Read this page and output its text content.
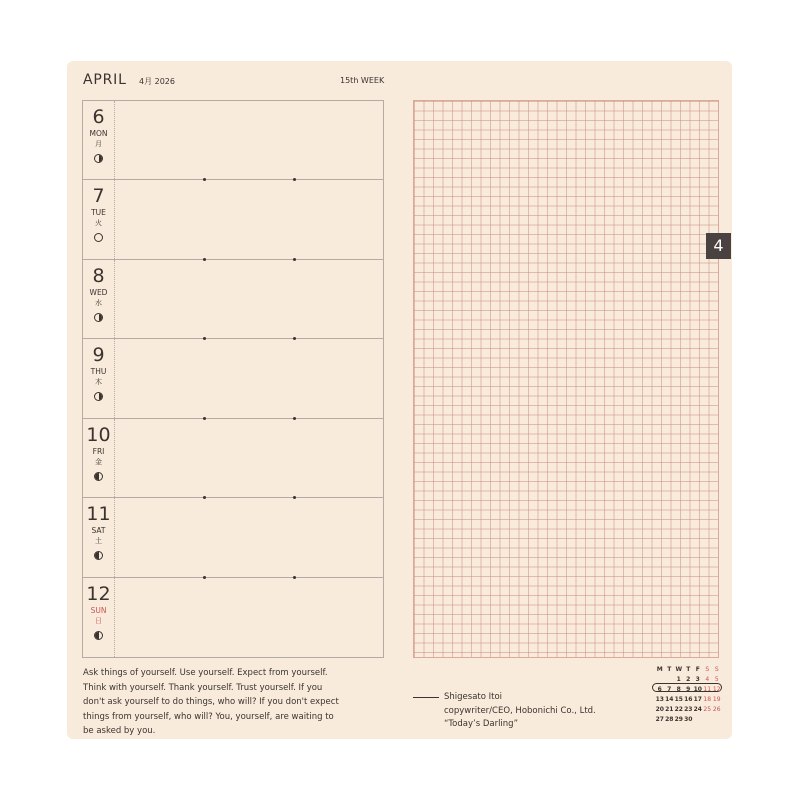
APRIL 4月 2026	15th WEEK
6
MON
月
7
TUE
火
8
WED
水
9
THU
木
10
FRI
金
11
SAT
土
12
SUN
日
4
Ask things of yourself. Use yourself. Expect from yourself. Think with yourself. Thank yourself. Trust yourself. If you don't ask yourself to do things, who will? If you don't expect things from yourself, who will? You, yourself, are waiting to be asked by you.
Shigesato Itoi
copywriter/CEO, Hobonichi Co., Ltd.
“Today’s Darling”
M T W T F S S
1 2 3 4 5
6 7 8 9 10 11 12
13 14 15 16 17 18 19
20 21 22 23 24 25 26
27 28 29 30
